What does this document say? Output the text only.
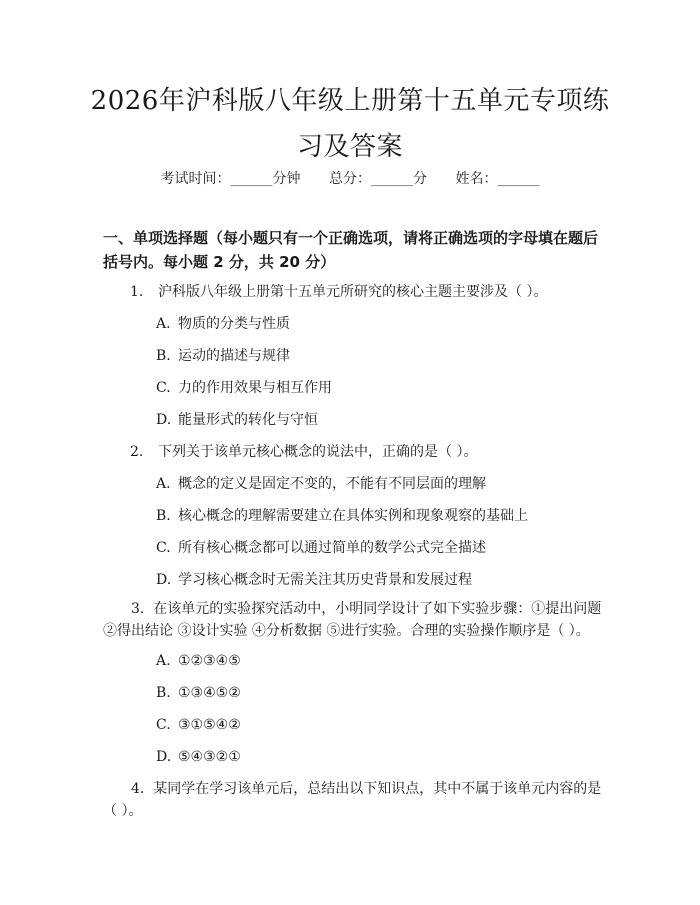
2026年沪科版八年级上册第十五单元专项练习及答案
考试时间：______分钟 总分：______分 姓名：______
一、单项选择题（每小题只有一个正确选项，请将正确选项的字母填在题后括号内。每小题 2 分，共 20 分）
1. 沪科版八年级上册第十五单元所研究的核心主题主要涉及（ ）。
A. 物质的分类与性质
B. 运动的描述与规律
C. 力的作用效果与相互作用
D. 能量形式的转化与守恒
2. 下列关于该单元核心概念的说法中，正确的是（ ）。
A. 概念的定义是固定不变的，不能有不同层面的理解
B. 核心概念的理解需要建立在具体实例和现象观察的基础上
C. 所有核心概念都可以通过简单的数学公式完全描述
D. 学习核心概念时无需关注其历史背景和发展过程
3. 在该单元的实验探究活动中，小明同学设计了如下实验步骤：①提出问题②得出结论 ③设计实验 ④分析数据 ⑤进行实验。合理的实验操作顺序是（ ）。
A. ①②③④⑤
B. ①③④⑤②
C. ③①⑤④②
D. ⑤④③②①
4. 某同学在学习该单元后，总结出以下知识点，其中不属于该单元内容的是（ ）。
